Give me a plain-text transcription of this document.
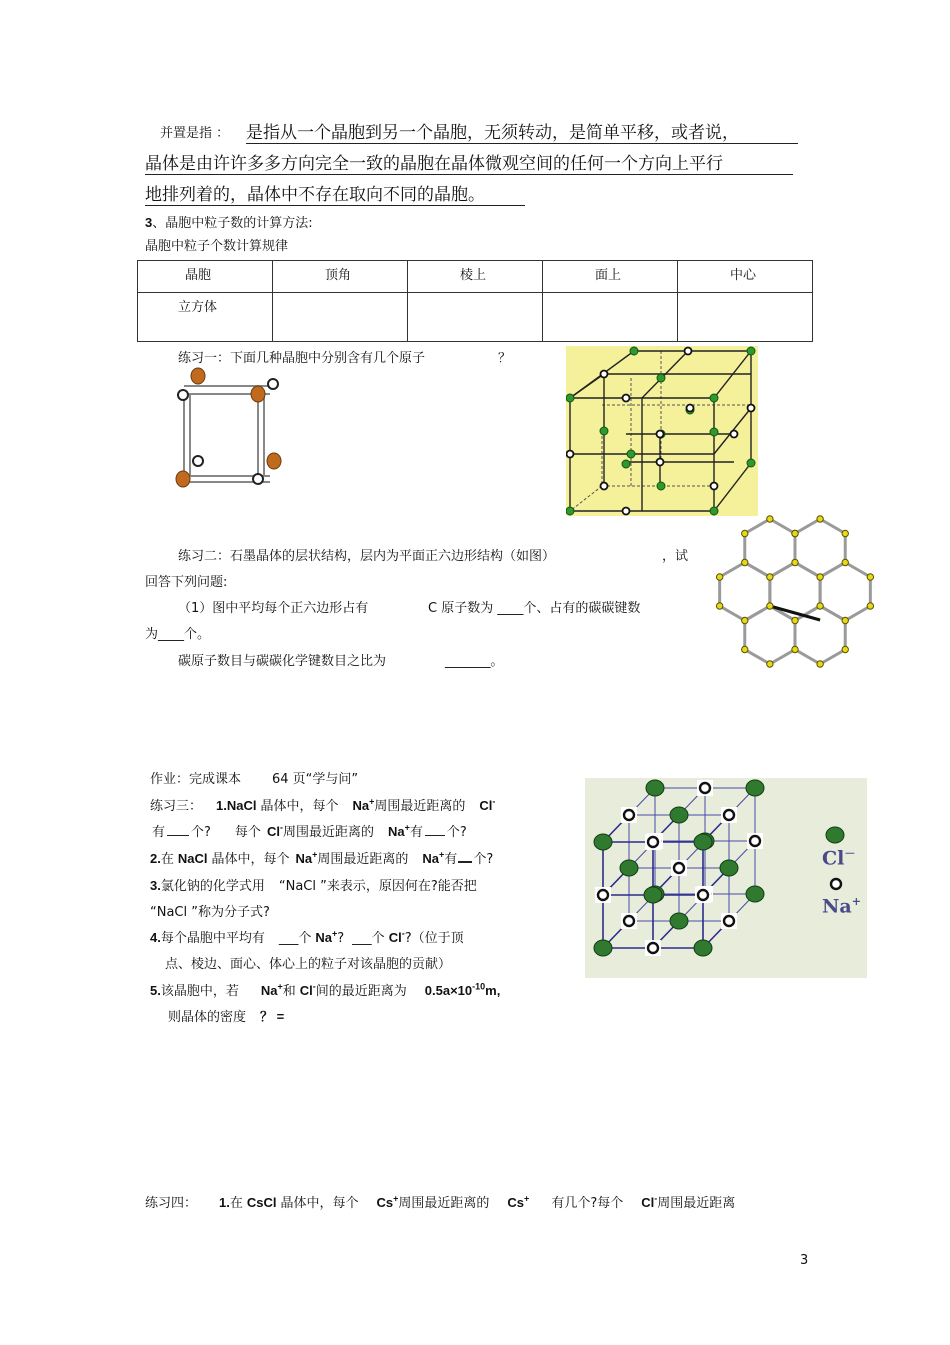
并置是指 ： 是指从一个晶胞到另一个晶胞，无须转动，是简单平移，或者说，
晶体是由许许多多方向完全一致的晶胞在晶体微观空间的任何一个方向上平行
地排列着的，晶体中不存在取向不同的晶胞。
3、晶胞中粒子数的计算方法:
晶胞中粒子个数计算规律
晶胞	顶角	棱上	面上	中心

立方体				

练习一：下面几种晶胞中分别含有几个原子	？
练习二：石墨晶体的层状结构，层内为平面正六边形结构（如图）	，试
回答下列问题:
（1）图中平均每个正六边形占有	C 原子数为 ____个、占有的碳碳键数
为____个。
碳原子数目与碳碳化学键数目之比为	_______。
作业：完成课本 64 页“学与问”
练习三： 1.NaCl 晶体中，每个 Na+周围最近距离的 Cl-
有 个? 每个 Cl-周围最近距离的 Na+有 个?
2.在 NaCl 晶体中，每个 Na+周围最近距离的 Na+有 个?
3.氯化钠的化学式用 “NaCl ”来表示，原因何在?能否把
“NaCl ”称为分子式?
4.每个晶胞中平均有 ___个 Na+? ___个 Cl-?（位于顶
点、棱边、面心、体心上的粒子对该晶胞的贡献）
5.该晶胞中，若 Na+和 Cl-间的最近距离为 $0.5a\times 10^{-10}m$,
则晶体的密度 ？ =
Cl－
Na+
练习四： 1.在 CsCl 晶体中，每个 Cs+周围最近距离的 Cs+ 有几个?每个 Cl-周围最近距离
3
